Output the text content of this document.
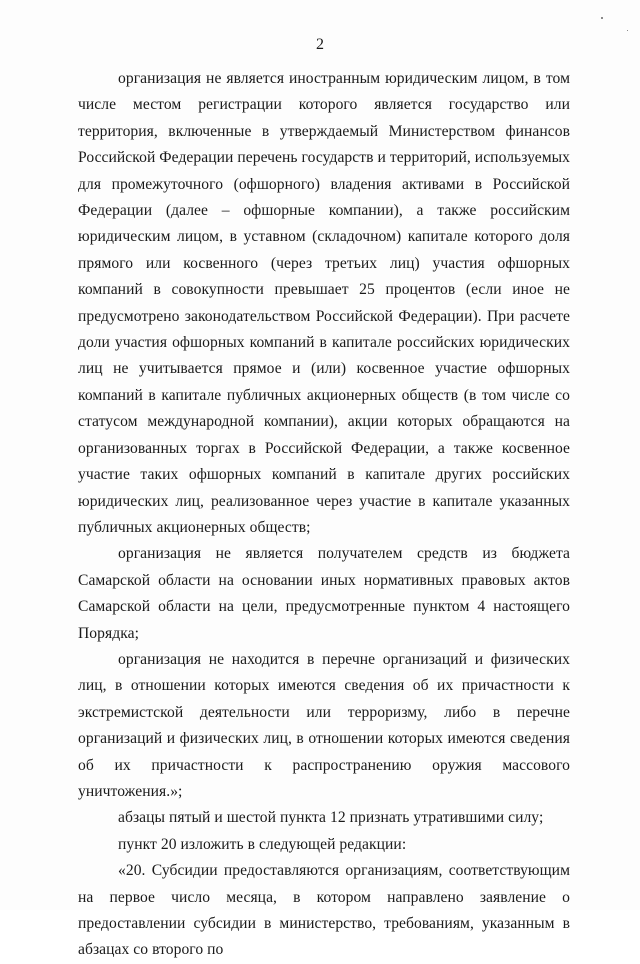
2

организация не является иностранным юридическим лицом, в том числе местом регистрации которого является государство или территория, включенные в утверждаемый Министерством финансов Российской Федерации перечень государств и территорий, используемых для промежуточного (офшорного) владения активами в Российской Федерации (далее – офшорные компании), а также российским юридическим лицом, в уставном (складочном) капитале которого доля прямого или косвенного (через третьих лиц) участия офшорных компаний в совокупности превышает 25 процентов (если иное не предусмотрено законодательством Российской Федерации). При расчете доли участия офшорных компаний в капитале российских юридических лиц не учитывается прямое и (или) косвенное участие офшорных компаний в капитале публичных акционерных обществ (в том числе со статусом международной компании), акции которых обращаются на организованных торгах в Российской Федерации, а также косвенное участие таких офшорных компаний в капитале других российских юридических лиц, реализованное через участие в капитале указанных публичных акционерных обществ;

организация не является получателем средств из бюджета Самарской области на основании иных нормативных правовых актов Самарской области на цели, предусмотренные пунктом 4 настоящего Порядка;

организация не находится в перечне организаций и физических лиц, в отношении которых имеются сведения об их причастности к экстремистской деятельности или терроризму, либо в перечне организаций и физических лиц, в отношении которых имеются сведения об их причастности к распространению оружия массового уничтожения.»;

абзацы пятый и шестой пункта 12 признать утратившими силу;

пункт 20 изложить в следующей редакции:

«20. Субсидии предоставляются организациям, соответствующим на первое число месяца, в котором направлено заявление о предоставлении субсидии в министерство, требованиям, указанным в абзацах со второго по
